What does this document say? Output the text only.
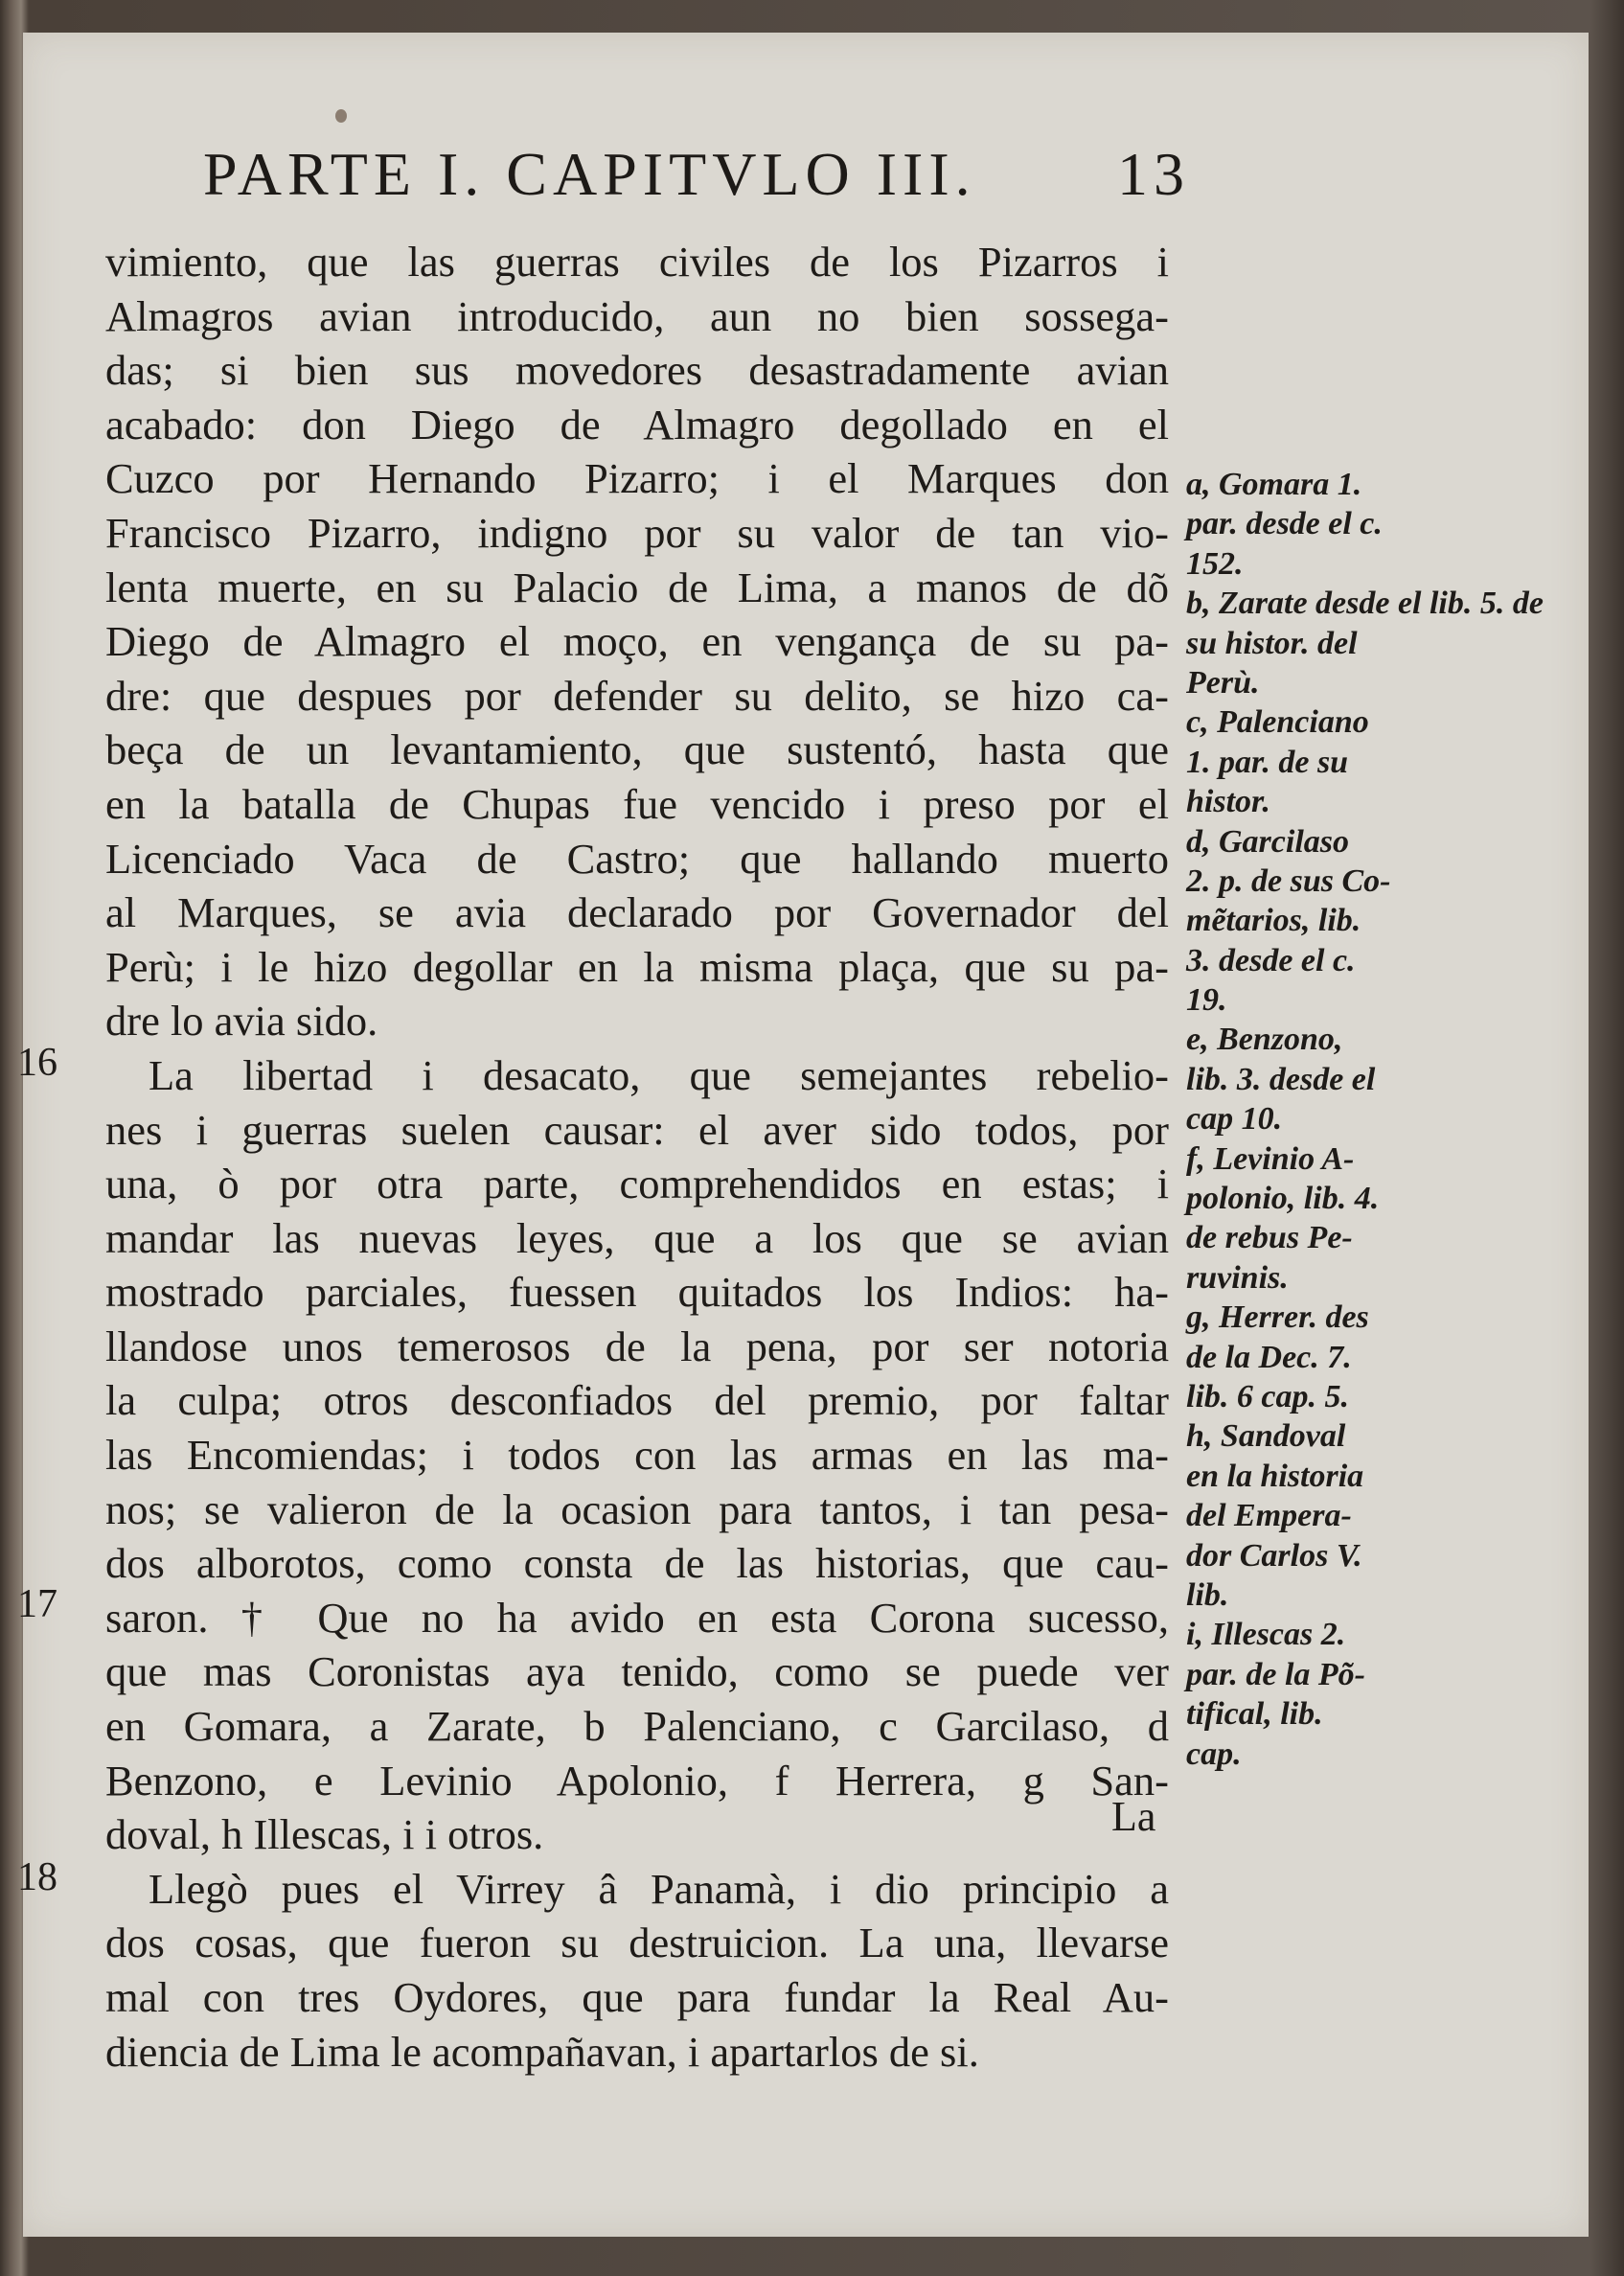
PARTE I. CAPITVLO III. 13
vimiento, que las guerras civiles de los Pizarros i
Almagros avian introducido, aun no bien sossega-
das; si bien sus movedores desastradamente avian
acabado: don Diego de Almagro degollado en el
Cuzco por Hernando Pizarro; i el Marques don
Francisco Pizarro, indigno por su valor de tan vio-
lenta muerte, en su Palacio de Lima, a manos de dõ
Diego de Almagro el moço, en vengança de su pa-
dre: que despues por defender su delito, se hizo ca-
beça de un levantamiento, que sustentó, hasta que
en la batalla de Chupas fue vencido i preso por el
Licenciado Vaca de Castro; que hallando muerto
al Marques, se avia declarado por Governador del
Perù; i le hizo degollar en la misma plaça, que su pa-
dre lo avia sido.
La libertad i desacato, que semejantes rebelio-
nes i guerras suelen causar: el aver sido todos, por
una, ò por otra parte, comprehendidos en estas; i
mandar las nuevas leyes, que a los que se avian
mostrado parciales, fuessen quitados los Indios: ha-
llandose unos temerosos de la pena, por ser notoria
la culpa; otros desconfiados del premio, por faltar
las Encomiendas; i todos con las armas en las ma-
nos; se valieron de la ocasion para tantos, i tan pesa-
dos alborotos, como consta de las historias, que cau-
saron. † Que no ha avido en esta Corona sucesso,
que mas Coronistas aya tenido, como se puede ver
en Gomara, a Zarate, b Palenciano, c Garcilaso, d
Benzono, e Levinio Apolonio, f Herrera, g San-
doval, h Illescas, i i otros.
Llegò pues el Virrey â Panamà, i dio principio a
dos cosas, que fueron su destruicion. La una, llevarse
mal con tres Oydores, que para fundar la Real Au-
diencia de Lima le acompañavan, i apartarlos de si.
16
17
18
a, Gomara 1.
par. desde el c.
152.
b, Zarate desde el lib. 5. de
su histor. del
Perù.
c, Palenciano
1. par. de su
histor.
d, Garcilaso
2. p. de sus Co-
mẽtarios, lib.
3. desde el c.
19.
e, Benzono,
lib. 3. desde el
cap 10.
f, Levinio A-
polonio, lib. 4.
de rebus Pe-
ruvinis.
g, Herrer. des
de la Dec. 7.
lib. 6 cap. 5.
h, Sandoval
en la historia
del Empera-
dor Carlos V.
lib.
i, Illescas 2.
par. de la Põ-
tifical, lib.
cap.
La
